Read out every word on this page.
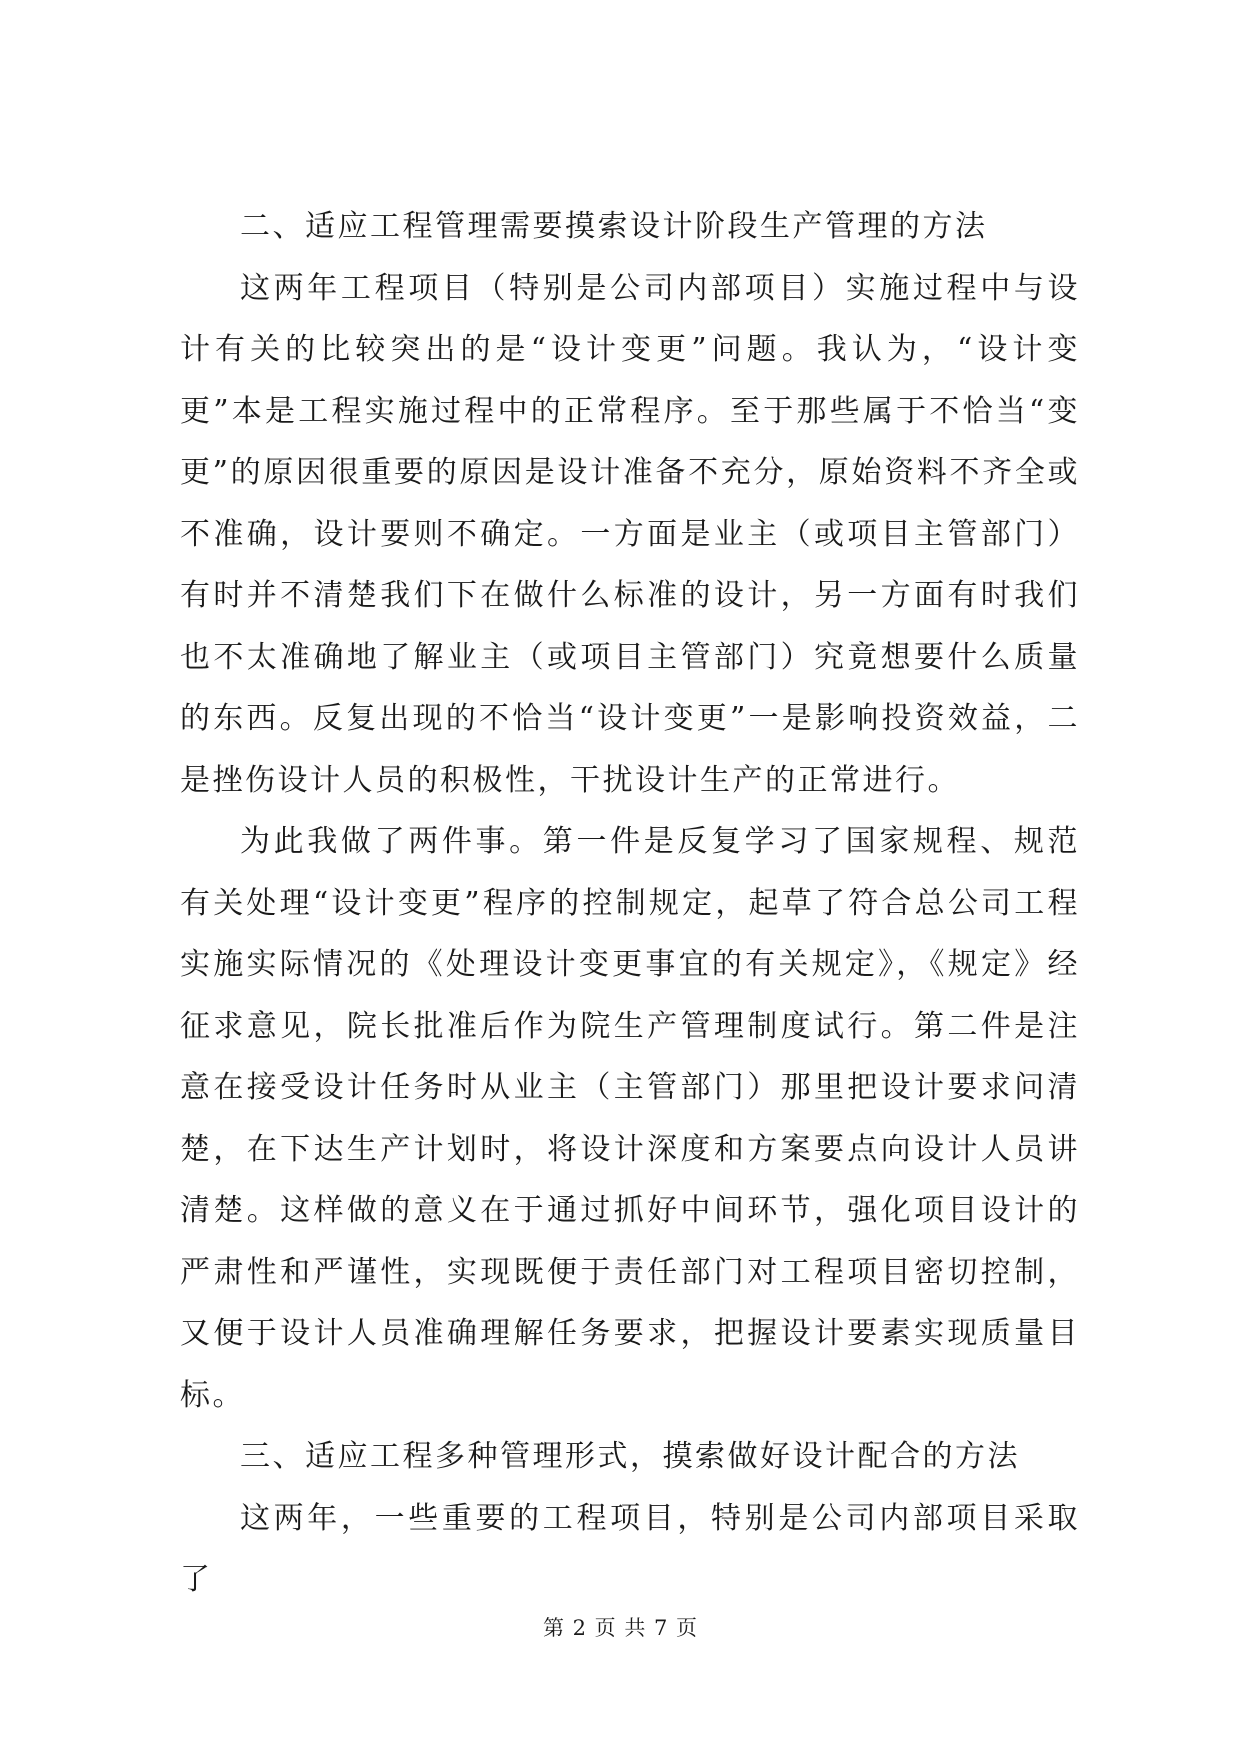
二、适应工程管理需要摸索设计阶段生产管理的方法

这两年工程项目（特别是公司内部项目）实施过程中与设计有关的比较突出的是“设计变更”问题。我认为，“设计变更”本是工程实施过程中的正常程序。至于那些属于不恰当“变更”的原因很重要的原因是设计准备不充分，原始资料不齐全或不准确，设计要则不确定。一方面是业主（或项目主管部门）有时并不清楚我们下在做什么标准的设计，另一方面有时我们也不太准确地了解业主（或项目主管部门）究竟想要什么质量的东西。反复出现的不恰当“设计变更”一是影响投资效益，二是挫伤设计人员的积极性，干扰设计生产的正常进行。

为此我做了两件事。第一件是反复学习了国家规程、规范有关处理“设计变更”程序的控制规定，起草了符合总公司工程实施实际情况的《处理设计变更事宜的有关规定》，《规定》经征求意见，院长批准后作为院生产管理制度试行。第二件是注意在接受设计任务时从业主（主管部门）那里把设计要求问清楚，在下达生产计划时，将设计深度和方案要点向设计人员讲清楚。这样做的意义在于通过抓好中间环节，强化项目设计的严肃性和严谨性，实现既便于责任部门对工程项目密切控制，又便于设计人员准确理解任务要求，把握设计要素实现质量目标。

三、适应工程多种管理形式，摸索做好设计配合的方法

这两年，一些重要的工程项目，特别是公司内部项目采取了

第 2 页 共 7 页
